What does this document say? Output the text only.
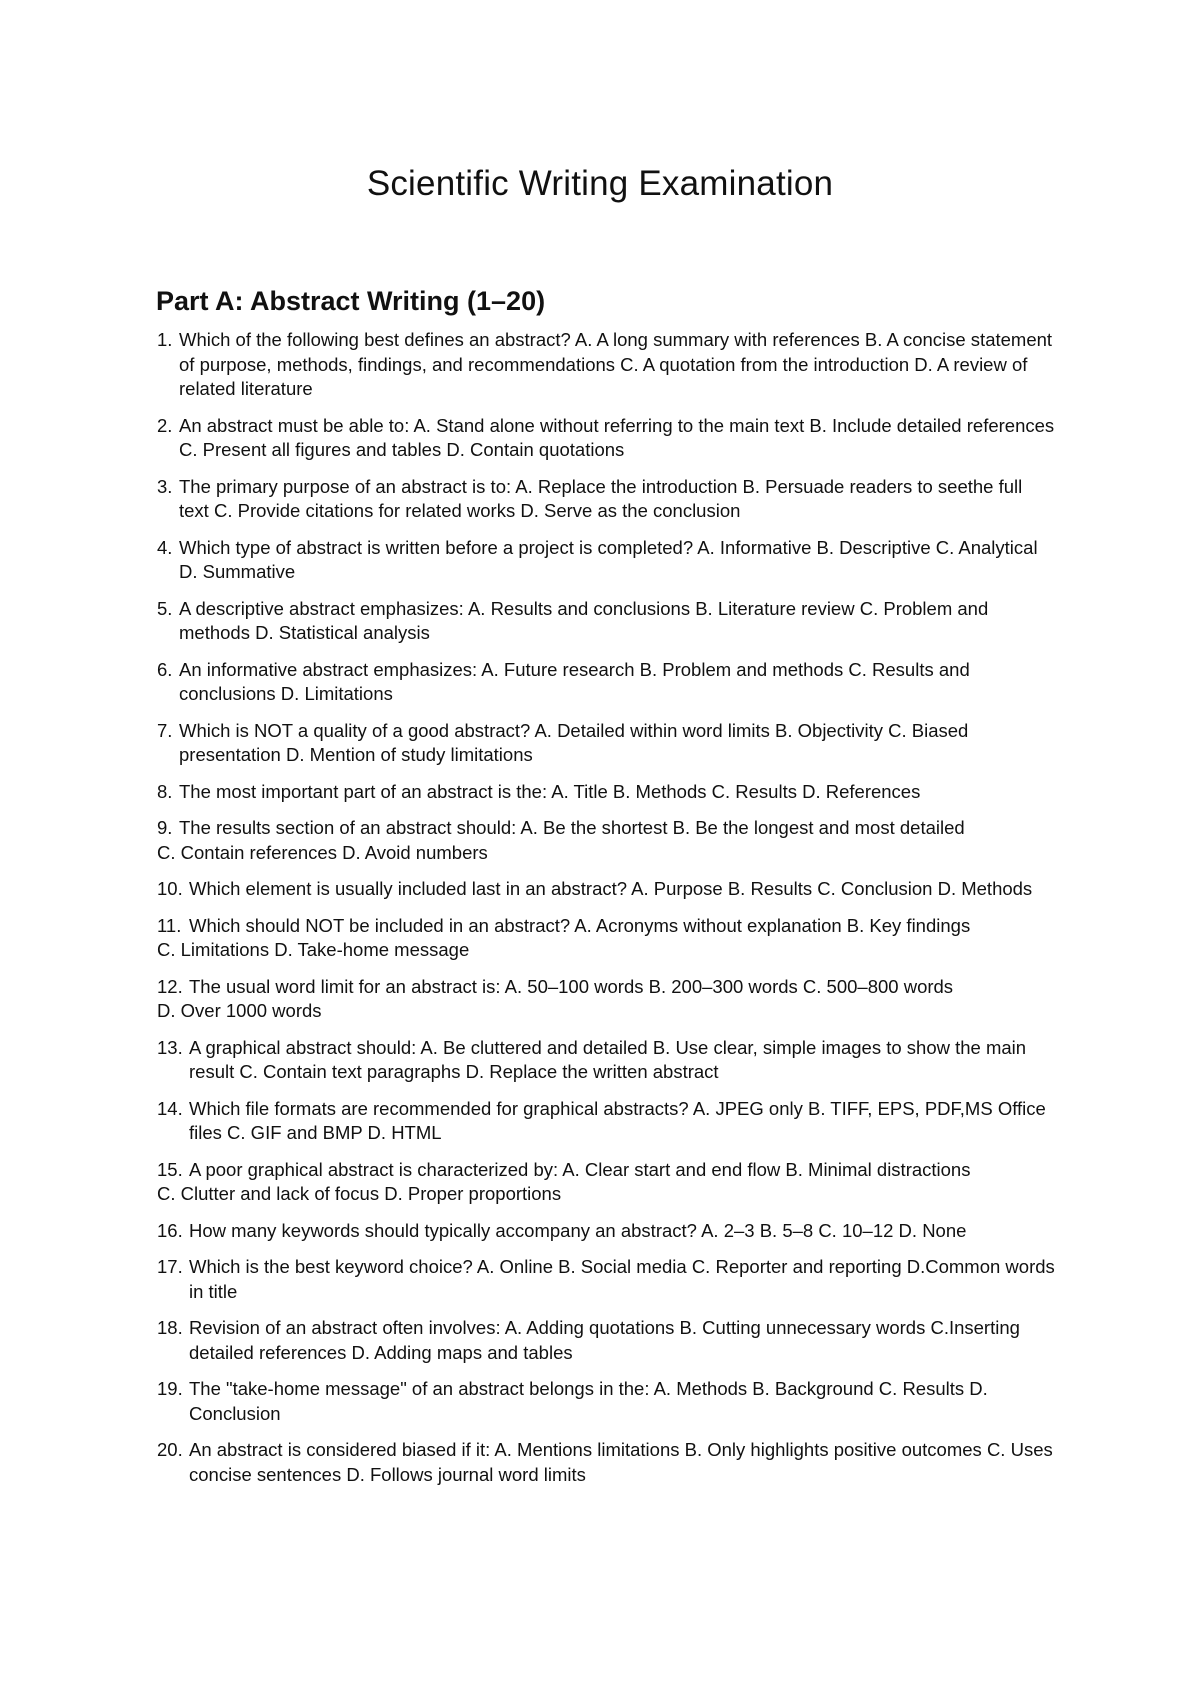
Scientific Writing Examination
Part A: Abstract Writing (1–20)
1. Which of the following best defines an abstract? A. A long summary with references B. A concise statement of purpose, methods, findings, and recommendations C. A quotation from the introduction D. A review of related literature
2. An abstract must be able to: A. Stand alone without referring to the main text B. Include detailed references C. Present all figures and tables D. Contain quotations
3. The primary purpose of an abstract is to: A. Replace the introduction B. Persuade readers to seethe full text C. Provide citations for related works D. Serve as the conclusion
4. Which type of abstract is written before a project is completed? A. Informative B. Descriptive C. Analytical D. Summative
5. A descriptive abstract emphasizes: A. Results and conclusions B. Literature review C. Problem and methods D. Statistical analysis
6. An informative abstract emphasizes: A. Future research B. Problem and methods C. Results and conclusions D. Limitations
7. Which is NOT a quality of a good abstract? A. Detailed within word limits B. Objectivity C. Biased presentation D. Mention of study limitations
8. The most important part of an abstract is the: A. Title B. Methods C. Results D. References
9. The results section of an abstract should: A. Be the shortest B. Be the longest and most detailed
C. Contain references D. Avoid numbers
10. Which element is usually included last in an abstract? A. Purpose B. Results C. Conclusion D. Methods
11. Which should NOT be included in an abstract? A. Acronyms without explanation B. Key findings
C. Limitations D. Take-home message
12. The usual word limit for an abstract is: A. 50–100 words B. 200–300 words C. 500–800 words
D. Over 1000 words
13. A graphical abstract should: A. Be cluttered and detailed B. Use clear, simple images to show the main result C. Contain text paragraphs D. Replace the written abstract
14. Which file formats are recommended for graphical abstracts? A. JPEG only B. TIFF, EPS, PDF,MS Office files C. GIF and BMP D. HTML
15. A poor graphical abstract is characterized by: A. Clear start and end flow B. Minimal distractions
C. Clutter and lack of focus D. Proper proportions
16. How many keywords should typically accompany an abstract? A. 2–3 B. 5–8 C. 10–12 D. None
17. Which is the best keyword choice? A. Online B. Social media C. Reporter and reporting D.Common words in title
18. Revision of an abstract often involves: A. Adding quotations B. Cutting unnecessary words C.Inserting detailed references D. Adding maps and tables
19. The "take-home message" of an abstract belongs in the: A. Methods B. Background C. Results D. Conclusion
20. An abstract is considered biased if it: A. Mentions limitations B. Only highlights positive outcomes C. Uses concise sentences D. Follows journal word limits
